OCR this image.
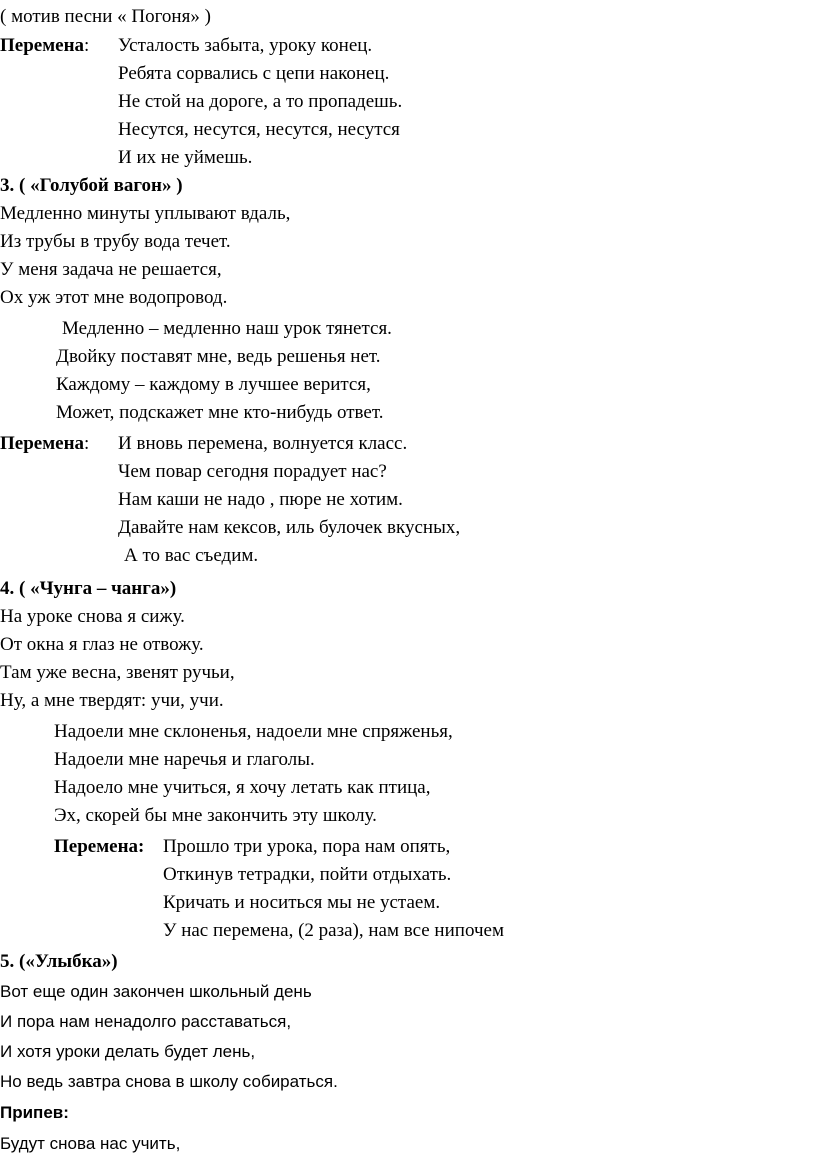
( мотив песни « Погоня» )
Перемена: Усталость забыта, уроку конец.
Ребята сорвались с цепи наконец.
Не стой на дороге, а то пропадешь.
Несутся, несутся, несутся, несутся
И их не уймешь.
3. ( «Голубой вагон» )
Медленно минуты уплывают вдаль,
Из трубы в трубу вода течет.
У меня задача не решается,
Ох уж этот мне водопровод.
Медленно – медленно наш урок тянется.
Двойку поставят мне, ведь решенья нет.
Каждому – каждому в лучшее верится,
Может, подскажет мне кто-нибудь ответ.
Перемена: И вновь перемена, волнуется класс.
Чем повар сегодня порадует нас?
Нам каши не надо , пюре не хотим.
Давайте нам кексов, иль булочек вкусных,
А то вас съедим.
4. ( «Чунга – чанга»)
На уроке снова я сижу.
От окна я глаз не отвожу.
Там уже весна, звенят ручьи,
Ну, а мне твердят: учи, учи.
Надоели мне склоненья, надоели мне спряженья,
Надоели мне наречья и глаголы.
Надоело мне учиться, я хочу летать как птица,
Эх, скорей бы мне закончить эту школу.
Перемена: Прошло три урока, пора нам опять,
Откинув тетрадки, пойти отдыхать.
Кричать и носиться мы не устаем.
У нас перемена, (2 раза), нам все нипочем
5. («Улыбка»)
Вот еще один закончен школьный день
И пора нам ненадолго расставаться,
И хотя уроки делать будет лень,
Но ведь завтра снова в школу собираться.
Припев:
Будут снова нас учить,
